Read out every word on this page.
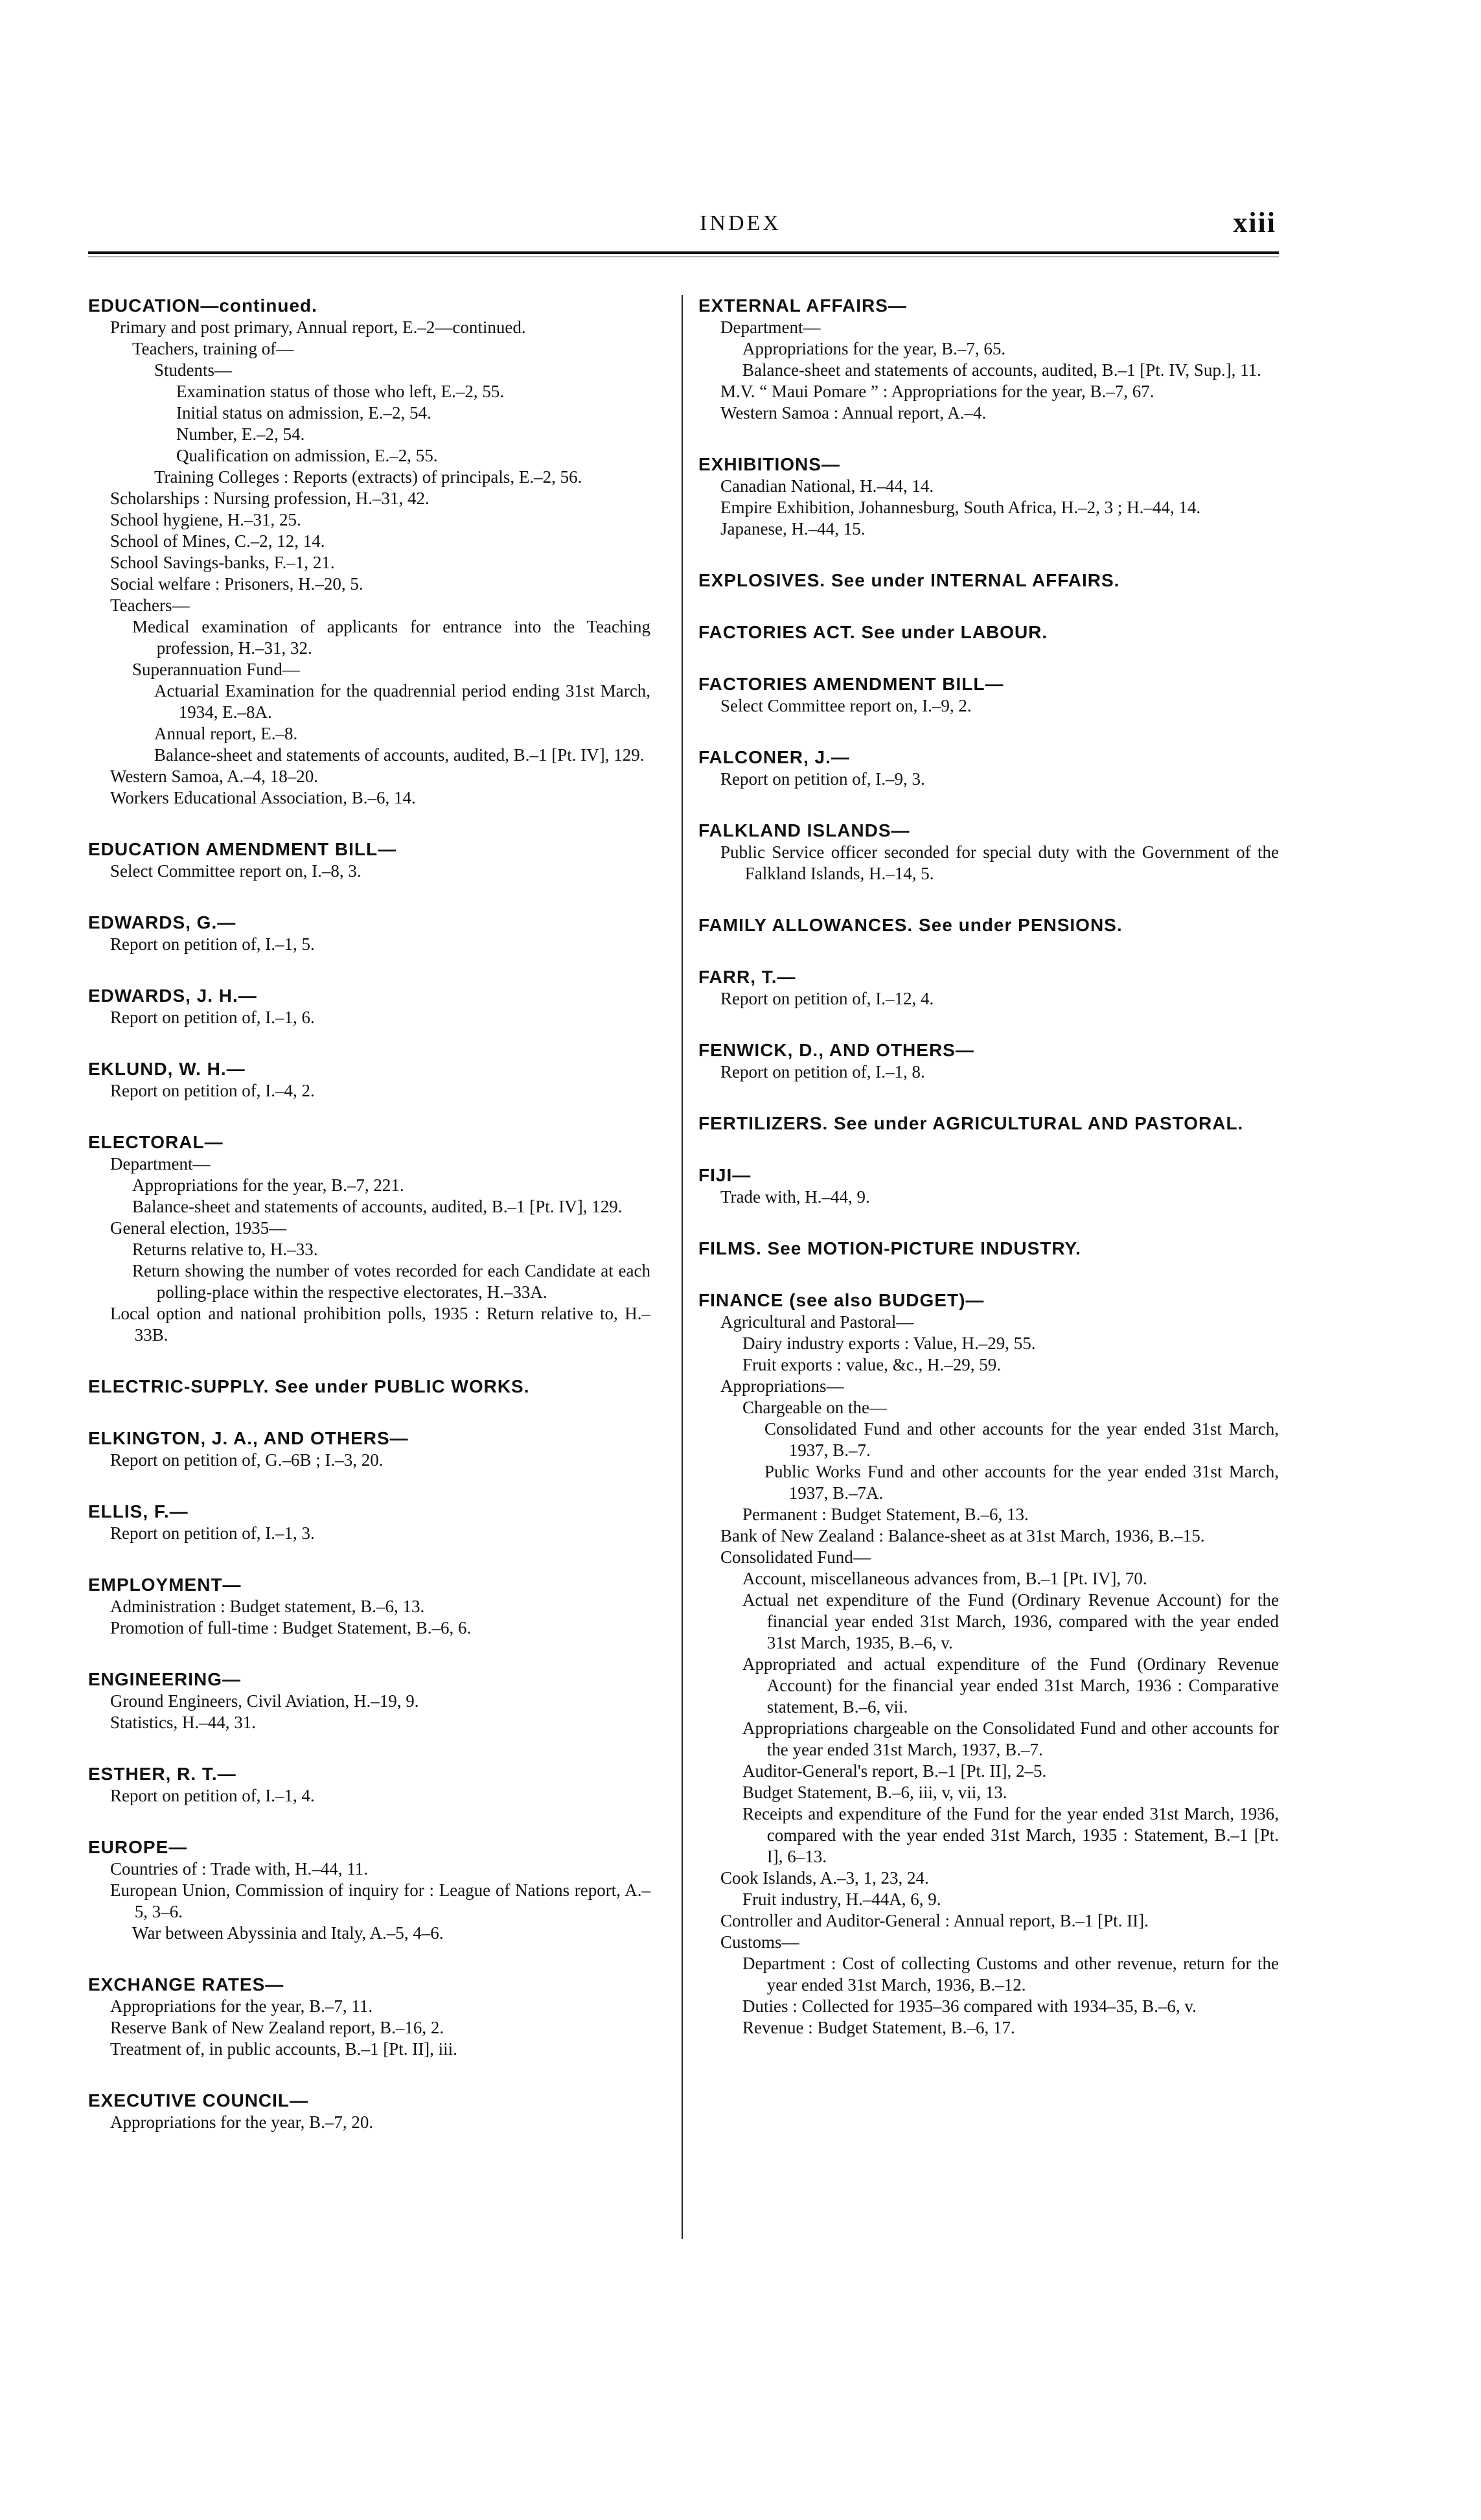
INDEX	xiii
EDUCATION—continued.
Primary and post primary, Annual report, E.–2—continued.
Teachers, training of—
Students—
Examination status of those who left, E.–2, 55.
Initial status on admission, E.–2, 54.
Number, E.–2, 54.
Qualification on admission, E.–2, 55.
Training Colleges : Reports (extracts) of principals, E.–2, 56.
Scholarships : Nursing profession, H.–31, 42.
School hygiene, H.–31, 25.
School of Mines, C.–2, 12, 14.
School Savings-banks, F.–1, 21.
Social welfare : Prisoners, H.–20, 5.
Teachers—
Medical examination of applicants for entrance into the Teaching profession, H.–31, 32.
Superannuation Fund—
Actuarial Examination for the quadrennial period ending 31st March, 1934, E.–8A.
Annual report, E.–8.
Balance-sheet and statements of accounts, audited, B.–1 [Pt. IV], 129.
Western Samoa, A.–4, 18–20.
Workers Educational Association, B.–6, 14.
EDUCATION AMENDMENT BILL—
Select Committee report on, I.–8, 3.
EDWARDS, G.—
Report on petition of, I.–1, 5.
EDWARDS, J. H.—
Report on petition of, I.–1, 6.
EKLUND, W. H.—
Report on petition of, I.–4, 2.
ELECTORAL—
Department—
Appropriations for the year, B.–7, 221.
Balance-sheet and statements of accounts, audited, B.–1 [Pt. IV], 129.
General election, 1935—
Returns relative to, H.–33.
Return showing the number of votes recorded for each Candidate at each polling-place within the respective electorates, H.–33A.
Local option and national prohibition polls, 1935 : Return relative to, H.–33B.
ELECTRIC-SUPPLY. See under PUBLIC WORKS.
ELKINGTON, J. A., AND OTHERS—
Report on petition of, G.–6B ; I.–3, 20.
ELLIS, F.—
Report on petition of, I.–1, 3.
EMPLOYMENT—
Administration : Budget statement, B.–6, 13.
Promotion of full-time : Budget Statement, B.–6, 6.
ENGINEERING—
Ground Engineers, Civil Aviation, H.–19, 9.
Statistics, H.–44, 31.
ESTHER, R. T.—
Report on petition of, I.–1, 4.
EUROPE—
Countries of : Trade with, H.–44, 11.
European Union, Commission of inquiry for : League of Nations report, A.–5, 3–6.
War between Abyssinia and Italy, A.–5, 4–6.
EXCHANGE RATES—
Appropriations for the year, B.–7, 11.
Reserve Bank of New Zealand report, B.–16, 2.
Treatment of, in public accounts, B.–1 [Pt. II], iii.
EXECUTIVE COUNCIL—
Appropriations for the year, B.–7, 20.
EXTERNAL AFFAIRS—
Department—
Appropriations for the year, B.–7, 65.
Balance-sheet and statements of accounts, audited, B.–1 [Pt. IV, Sup.], 11.
M.V. “ Maui Pomare ” : Appropriations for the year, B.–7, 67.
Western Samoa : Annual report, A.–4.
EXHIBITIONS—
Canadian National, H.–44, 14.
Empire Exhibition, Johannesburg, South Africa, H.–2, 3 ; H.–44, 14.
Japanese, H.–44, 15.
EXPLOSIVES. See under INTERNAL AFFAIRS.
FACTORIES ACT. See under LABOUR.
FACTORIES AMENDMENT BILL—
Select Committee report on, I.–9, 2.
FALCONER, J.—
Report on petition of, I.–9, 3.
FALKLAND ISLANDS—
Public Service officer seconded for special duty with the Government of the Falkland Islands, H.–14, 5.
FAMILY ALLOWANCES. See under PENSIONS.
FARR, T.—
Report on petition of, I.–12, 4.
FENWICK, D., AND OTHERS—
Report on petition of, I.–1, 8.
FERTILIZERS. See under AGRICULTURAL AND PASTORAL.
FIJI—
Trade with, H.–44, 9.
FILMS. See MOTION-PICTURE INDUSTRY.
FINANCE (see also BUDGET)—
Agricultural and Pastoral—
Dairy industry exports : Value, H.–29, 55.
Fruit exports : value, &c., H.–29, 59.
Appropriations—
Chargeable on the—
Consolidated Fund and other accounts for the year ended 31st March, 1937, B.–7.
Public Works Fund and other accounts for the year ended 31st March, 1937, B.–7A.
Permanent : Budget Statement, B.–6, 13.
Bank of New Zealand : Balance-sheet as at 31st March, 1936, B.–15.
Consolidated Fund—
Account, miscellaneous advances from, B.–1 [Pt. IV], 70.
Actual net expenditure of the Fund (Ordinary Revenue Account) for the financial year ended 31st March, 1936, compared with the year ended 31st March, 1935, B.–6, v.
Appropriated and actual expenditure of the Fund (Ordinary Revenue Account) for the financial year ended 31st March, 1936 : Comparative statement, B.–6, vii.
Appropriations chargeable on the Consolidated Fund and other accounts for the year ended 31st March, 1937, B.–7.
Auditor-General's report, B.–1 [Pt. II], 2–5.
Budget Statement, B.–6, iii, v, vii, 13.
Receipts and expenditure of the Fund for the year ended 31st March, 1936, compared with the year ended 31st March, 1935 : Statement, B.–1 [Pt. I], 6–13.
Cook Islands, A.–3, 1, 23, 24.
Fruit industry, H.–44A, 6, 9.
Controller and Auditor-General : Annual report, B.–1 [Pt. II].
Customs—
Department : Cost of collecting Customs and other revenue, return for the year ended 31st March, 1936, B.–12.
Duties : Collected for 1935–36 compared with 1934–35, B.–6, v.
Revenue : Budget Statement, B.–6, 17.
